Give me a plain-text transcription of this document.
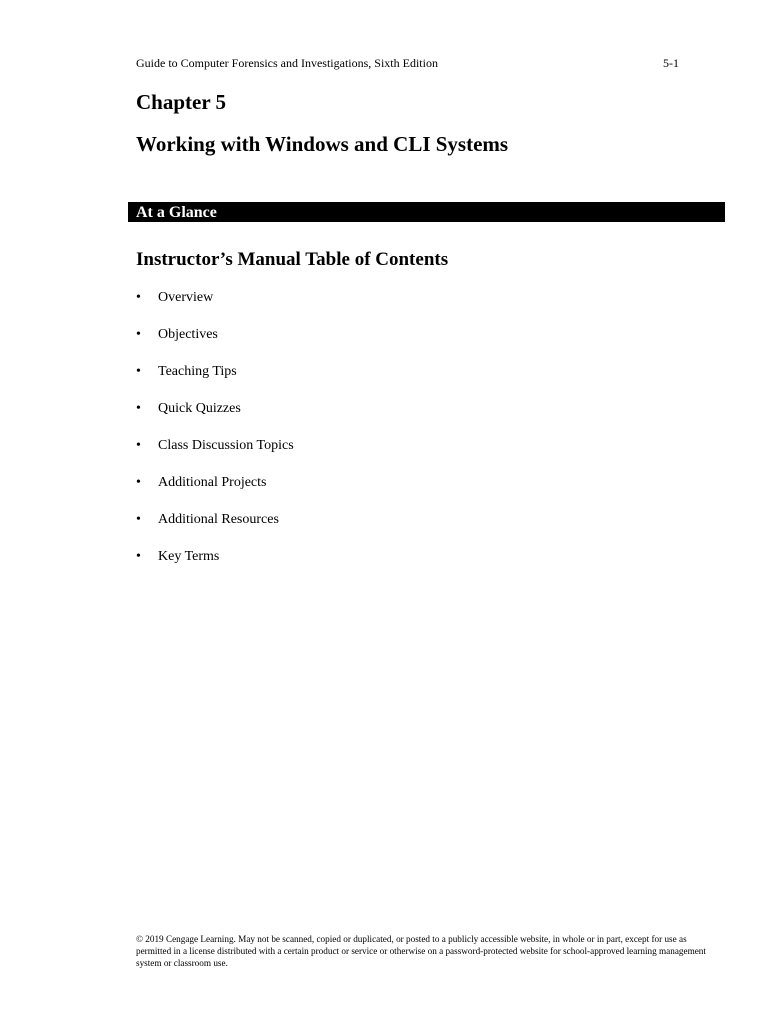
Guide to Computer Forensics and Investigations, Sixth Edition	5-1
Chapter 5
Working with Windows and CLI Systems
At a Glance
Instructor’s Manual Table of Contents
• Overview
• Objectives
• Teaching Tips
• Quick Quizzes
• Class Discussion Topics
• Additional Projects
• Additional Resources
• Key Terms

© 2019 Cengage Learning. May not be scanned, copied or duplicated, or posted to a publicly accessible website, in whole or in part, except for use as permitted in a license distributed with a certain product or service or otherwise on a password-protected website for school-approved learning management system or classroom use.
